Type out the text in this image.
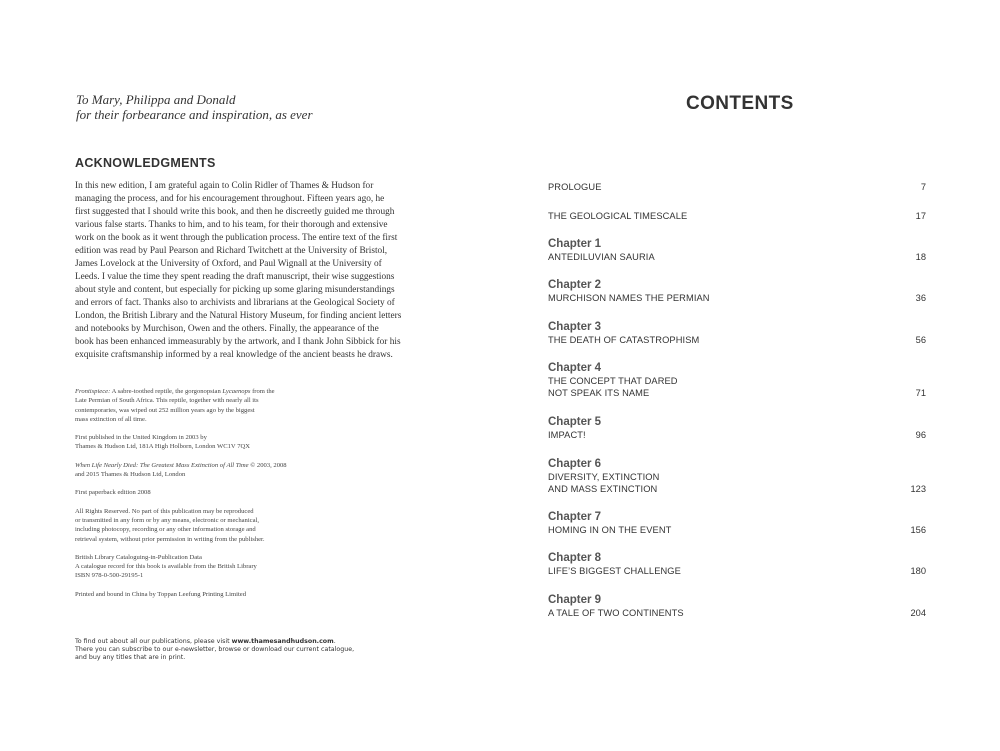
To Mary, Philippa and Donald
for their forbearance and inspiration, as ever
ACKNOWLEDGMENTS
In this new edition, I am grateful again to Colin Ridler of Thames & Hudson for
managing the process, and for his encouragement throughout. Fifteen years ago, he
first suggested that I should write this book, and then he discreetly guided me through
various false starts. Thanks to him, and to his team, for their thorough and extensive
work on the book as it went through the publication process. The entire text of the first
edition was read by Paul Pearson and Richard Twitchett at the University of Bristol,
James Lovelock at the University of Oxford, and Paul Wignall at the University of
Leeds. I value the time they spent reading the draft manuscript, their wise suggestions
about style and content, but especially for picking up some glaring misunderstandings
and errors of fact. Thanks also to archivists and librarians at the Geological Society of
London, the British Library and the Natural History Museum, for finding ancient letters
and notebooks by Murchison, Owen and the others. Finally, the appearance of the
book has been enhanced immeasurably by the artwork, and I thank John Sibbick for his
exquisite craftsmanship informed by a real knowledge of the ancient beasts he draws.
Frontispiece: A sabre-toothed reptile, the gorgonopsian Lycaenops from the
Late Permian of South Africa. This reptile, together with nearly all its
contemporaries, was wiped out 252 million years ago by the biggest
mass extinction of all time.
First published in the United Kingdom in 2003 by
Thames & Hudson Ltd, 181A High Holborn, London WC1V 7QX
When Life Nearly Died: The Greatest Mass Extinction of All Time © 2003, 2008
and 2015 Thames & Hudson Ltd, London
First paperback edition 2008
All Rights Reserved. No part of this publication may be reproduced
or transmitted in any form or by any means, electronic or mechanical,
including photocopy, recording or any other information storage and
retrieval system, without prior permission in writing from the publisher.
British Library Cataloguing-in-Publication Data
A catalogue record for this book is available from the British Library
ISBN 978-0-500-29195-1
Printed and bound in China by Toppan Leefung Printing Limited
To find out about all our publications, please visit www.thamesandhudson.com.
There you can subscribe to our e-newsletter, browse or download our current catalogue,
and buy any titles that are in print.
CONTENTS
PROLOGUE	7
THE GEOLOGICAL TIMESCALE	17
Chapter 1
ANTEDILUVIAN SAURIA	18
Chapter 2
MURCHISON NAMES THE PERMIAN	36
Chapter 3
THE DEATH OF CATASTROPHISM	56
Chapter 4
THE CONCEPT THAT DARED
NOT SPEAK ITS NAME	71
Chapter 5
IMPACT!	96
Chapter 6
DIVERSITY, EXTINCTION
AND MASS EXTINCTION	123
Chapter 7
HOMING IN ON THE EVENT	156
Chapter 8
LIFE’S BIGGEST CHALLENGE	180
Chapter 9
A TALE OF TWO CONTINENTS	204
